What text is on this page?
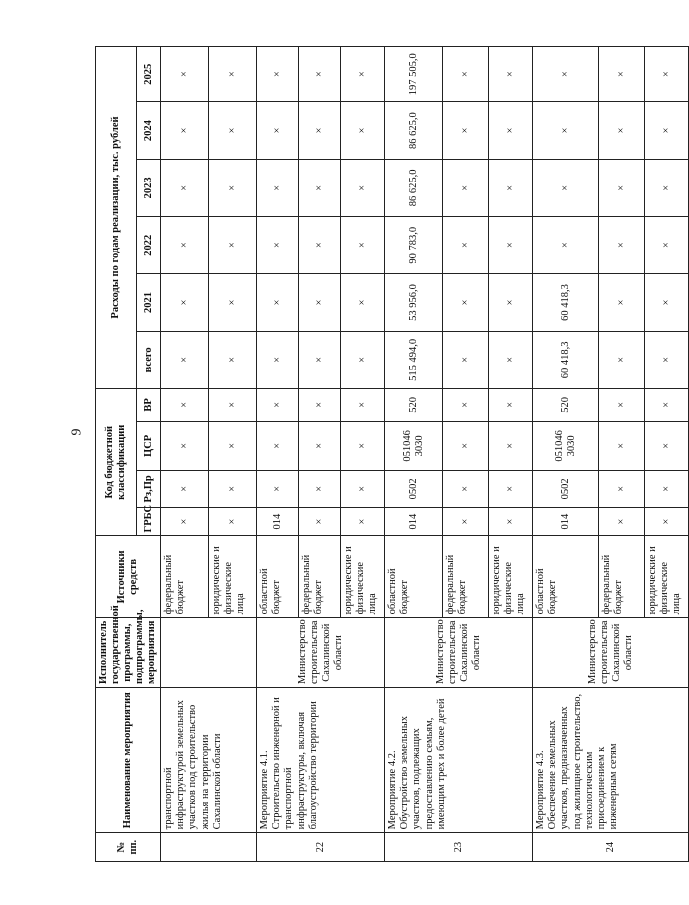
9
№ пп.	Наименование мероприятия	Исполнитель государственной программы, подпрограммы, мероприятия	Источники средств	Код бюджетной классификации				Расходы по годам реализации, тыс. рублей					
				ГРБС	Рз,Пр	ЦСР	ВР	всего	2021	2022	2023	2024	2025
	транспортной инфраструктурой земельных участков под строительство жилья на территории Сахалинской области		федеральный бюджет	×	×	×	×	×	×	×	×	×	×
			юридические и физические лица	×	×	×	×	×	×	×	×	×	×
22	Мероприятие 4.1. Строительство инженерной и транспортной инфраструктуры, включая благоустройство территории	Министерство строительства Сахалинской области	областной бюджет	014	×	×	×	×	×	×	×	×	×
			федеральный бюджет	×	×	×	×	×	×	×	×	×	×
			юридические и физические лица	×	×	×	×	×	×	×	×	×	×
23	Мероприятие 4.2. Обустройство земельных участков, подлежащих предоставлению семьям, имеющим трех и более детей	Министерство строительства Сахалинской области	областной бюджет	014	0502	051046 3030	520	515 494,0	53 956,0	90 783,0	86 625,0	86 625,0	197 505,0
			федеральный бюджет	×	×	×	×	×	×	×	×	×	×
			юридические и физические лица	×	×	×	×	×	×	×	×	×	×
24	Мероприятие 4.3. Обеспечение земельных участков, предназначенных под жилищное строительство, технологическим присоединением к инженерным сетям	Министерство строительства Сахалинской области	областной бюджет	014	0502	051046 3030	520	60 418,3	60 418,3	×	×	×	×
			федеральный бюджет	×	×	×	×	×	×	×	×	×	×
			юридические и физические лица	×	×	×	×	×	×	×	×	×	×
